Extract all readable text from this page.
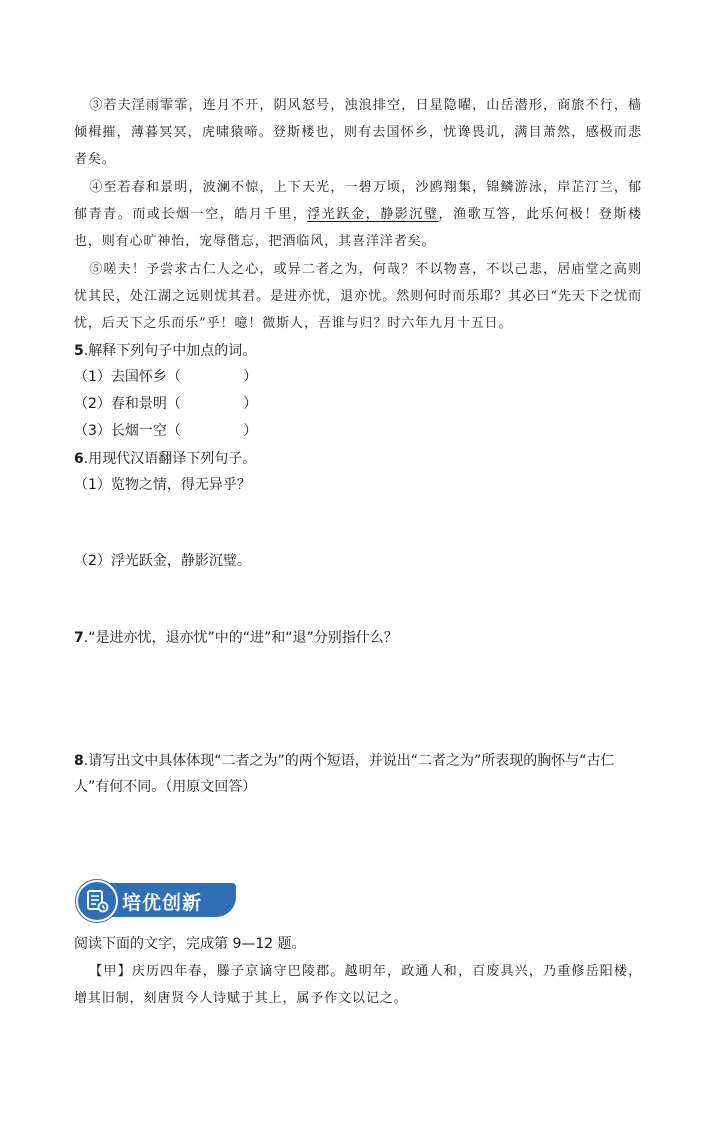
③若夫淫雨霏霏，连月不开，阴风怒号，浊浪排空，日星隐曜，山岳潜形，商旅不行，樯倾楫摧，薄暮冥冥，虎啸猿啼。登斯楼也，则有去国怀乡，忧谗畏讥，满目萧然，感极而悲者矣。
④至若春和景明，波澜不惊，上下天光，一碧万顷，沙鸥翔集，锦鳞游泳，岸芷汀兰，郁郁青青。而或长烟一空，皓月千里，浮光跃金，静影沉璧，渔歌互答，此乐何极！登斯楼也，则有心旷神怡，宠辱偕忘，把酒临风，其喜洋洋者矣。
⑤嗟夫！予尝求古仁人之心，或异二者之为，何哉？不以物喜，不以己悲，居庙堂之高则忧其民，处江湖之远则忧其君。是进亦忧，退亦忧。然则何时而乐耶？其必曰“先天下之忧而忧，后天下之乐而乐”乎！噫！微斯人，吾谁与归？时六年九月十五日。
5.解释下列句子中加点的词。
（1）去国怀乡（              ）
（2）春和景明（              ）
（3）长烟一空（              ）
6.用现代汉语翻译下列句子。
（1）览物之情，得无异乎？
（2）浮光跃金，静影沉璧。
7.“是进亦忧，退亦忧”中的“进”和“退”分别指什么？
8.请写出文中具体体现“二者之为”的两个短语，并说出“二者之为”所表现的胸怀与“古仁人”有何不同。（用原文回答）
培优创新
阅读下面的文字，完成第 9—12 题。
【甲】庆历四年春，滕子京谪守巴陵郡。越明年，政通人和，百废具兴，乃重修岳阳楼，增其旧制，刻唐贤今人诗赋于其上，属予作文以记之。
